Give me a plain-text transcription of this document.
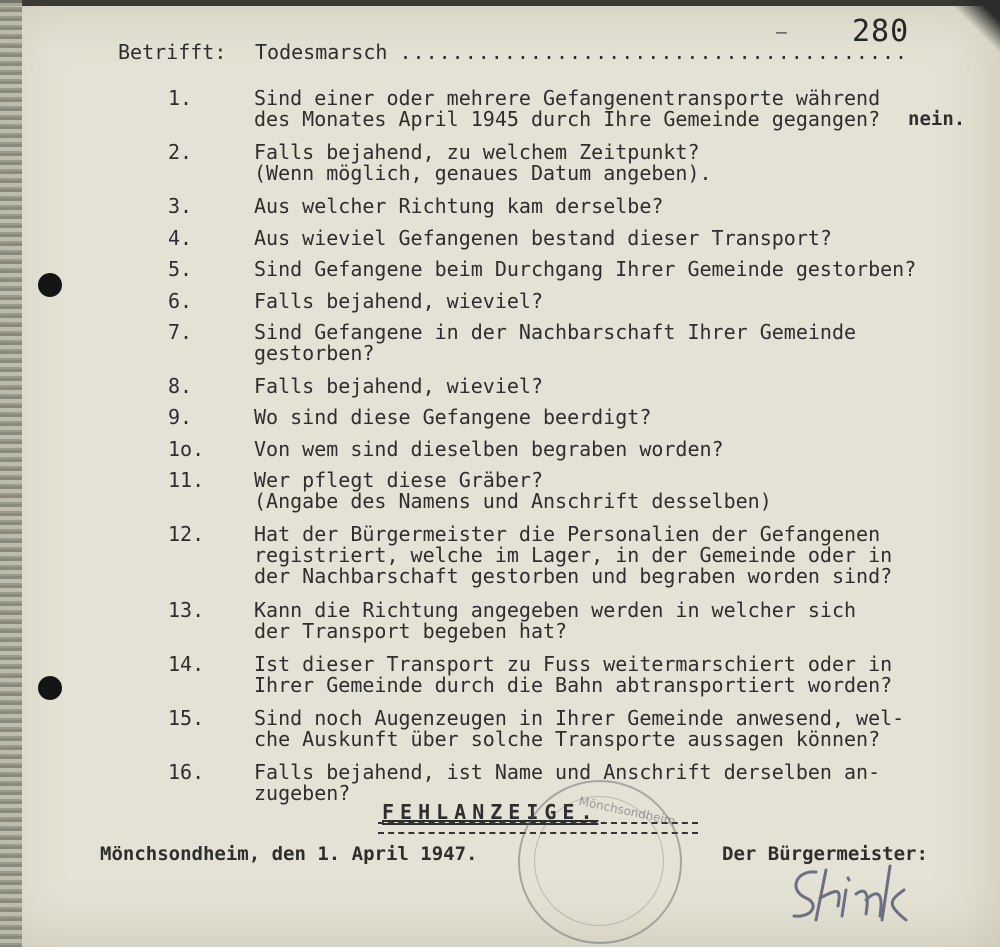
– 280
Betrifft: Todesmarsch .......................................
1.	Sind einer oder mehrere Gefangenentransporte während
des Monates April 1945 durch Ihre Gemeinde gegangen? nein.
2.	Falls bejahend, zu welchem Zeitpunkt?
(Wenn möglich, genaues Datum angeben).
3.	Aus welcher Richtung kam derselbe?
4.	Aus wieviel Gefangenen bestand dieser Transport?
5.	Sind Gefangene beim Durchgang Ihrer Gemeinde gestorben?
6.	Falls bejahend, wieviel?
7.	Sind Gefangene in der Nachbarschaft Ihrer Gemeinde
gestorben?
8.	Falls bejahend, wieviel?
9.	Wo sind diese Gefangene beerdigt?
1o. Von wem sind dieselben begraben worden?
11. Wer pflegt diese Gräber?
(Angabe des Namens und Anschrift desselben)
12. Hat der Bürgermeister die Personalien der Gefangenen
registriert, welche im Lager, in der Gemeinde oder in
der Nachbarschaft gestorben und begraben worden sind?
13. Kann die Richtung angegeben werden in welcher sich
der Transport begeben hat?
14. Ist dieser Transport zu Fuss weitermarschiert oder in
Ihrer Gemeinde durch die Bahn abtransportiert worden?
15. Sind noch Augenzeugen in Ihrer Gemeinde anwesend, wel-
che Auskunft über solche Transporte aussagen können?
16. Falls bejahend, ist Name und Anschrift derselben an-
zugeben?
FEHLANZEIGE.
Mönchsondheim
Mönchsondheim, den 1. April 1947.	Der Bürgermeister:
